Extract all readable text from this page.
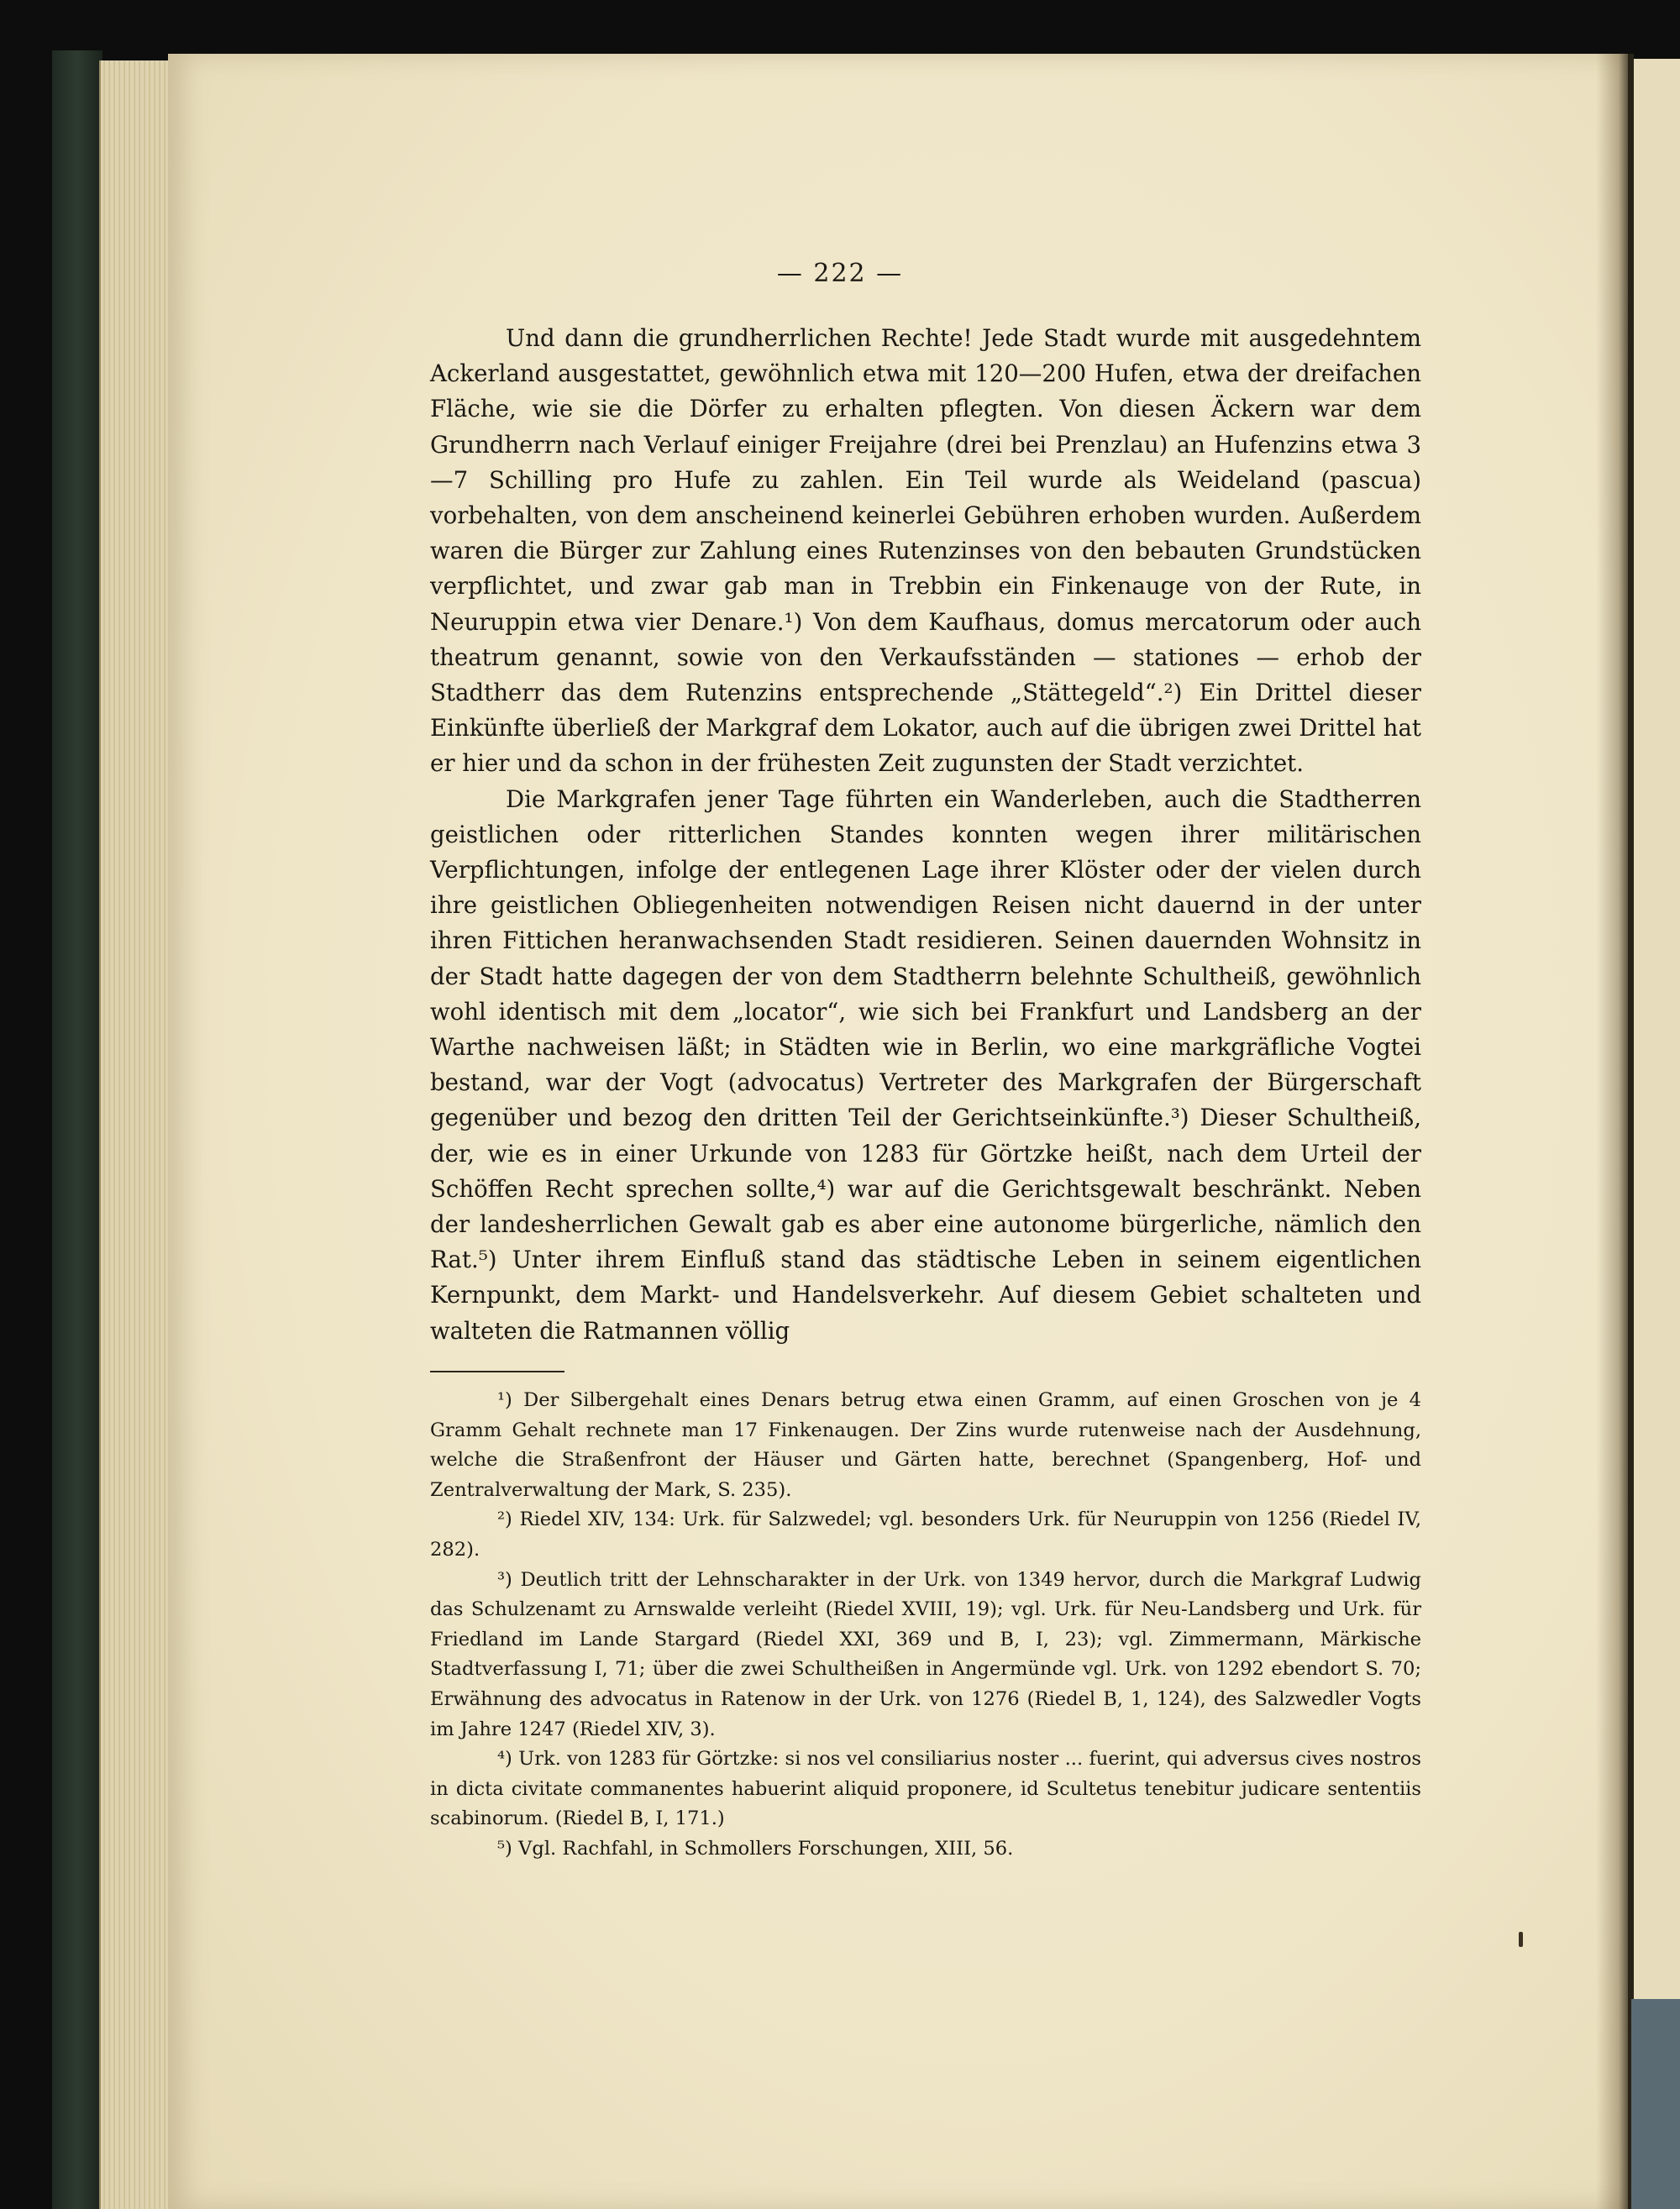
— 222 —

Und dann die grundherrlichen Rechte! Jede Stadt wurde mit ausgedehntem Ackerland ausgestattet, gewöhnlich etwa mit 120—200 Hufen, etwa der dreifachen Fläche, wie sie die Dörfer zu erhalten pflegten. Von diesen Äckern war dem Grundherrn nach Verlauf einiger Freijahre (drei bei Prenzlau) an Hufenzins etwa 3—7 Schilling pro Hufe zu zahlen. Ein Teil wurde als Weideland (pascua) vorbehalten, von dem anscheinend keinerlei Gebühren erhoben wurden. Außerdem waren die Bürger zur Zahlung eines Rutenzinses von den bebauten Grundstücken verpflichtet, und zwar gab man in Trebbin ein Finkenauge von der Rute, in Neuruppin etwa vier Denare.¹) Von dem Kaufhaus, domus mercatorum oder auch theatrum genannt, sowie von den Verkaufsständen — stationes — erhob der Stadtherr das dem Rutenzins entsprechende „Stättegeld“.²) Ein Drittel dieser Einkünfte überließ der Markgraf dem Lokator, auch auf die übrigen zwei Drittel hat er hier und da schon in der frühesten Zeit zugunsten der Stadt verzichtet.

Die Markgrafen jener Tage führten ein Wanderleben, auch die Stadtherren geistlichen oder ritterlichen Standes konnten wegen ihrer militärischen Verpflichtungen, infolge der entlegenen Lage ihrer Klöster oder der vielen durch ihre geistlichen Obliegenheiten notwendigen Reisen nicht dauernd in der unter ihren Fittichen heranwachsenden Stadt residieren. Seinen dauernden Wohnsitz in der Stadt hatte dagegen der von dem Stadtherrn belehnte Schultheiß, gewöhnlich wohl identisch mit dem „locator“, wie sich bei Frankfurt und Landsberg an der Warthe nachweisen läßt; in Städten wie in Berlin, wo eine markgräfliche Vogtei bestand, war der Vogt (advocatus) Vertreter des Markgrafen der Bürgerschaft gegenüber und bezog den dritten Teil der Gerichtseinkünfte.³) Dieser Schultheiß, der, wie es in einer Urkunde von 1283 für Görtzke heißt, nach dem Urteil der Schöffen Recht sprechen sollte,⁴) war auf die Gerichtsgewalt beschränkt. Neben der landesherrlichen Gewalt gab es aber eine autonome bürgerliche, nämlich den Rat.⁵) Unter ihrem Einfluß stand das städtische Leben in seinem eigentlichen Kernpunkt, dem Markt- und Handelsverkehr. Auf diesem Gebiet schalteten und walteten die Ratmannen völlig

¹) Der Silbergehalt eines Denars betrug etwa einen Gramm, auf einen Groschen von je 4 Gramm Gehalt rechnete man 17 Finkenaugen. Der Zins wurde rutenweise nach der Ausdehnung, welche die Straßenfront der Häuser und Gärten hatte, berechnet (Spangenberg, Hof- und Zentralverwaltung der Mark, S. 235).

²) Riedel XIV, 134: Urk. für Salzwedel; vgl. besonders Urk. für Neuruppin von 1256 (Riedel IV, 282).

³) Deutlich tritt der Lehnscharakter in der Urk. von 1349 hervor, durch die Markgraf Ludwig das Schulzenamt zu Arnswalde verleiht (Riedel XVIII, 19); vgl. Urk. für Neu-Landsberg und Urk. für Friedland im Lande Stargard (Riedel XXI, 369 und B, I, 23); vgl. Zimmermann, Märkische Stadtverfassung I, 71; über die zwei Schultheißen in Angermünde vgl. Urk. von 1292 ebendort S. 70; Erwähnung des advocatus in Ratenow in der Urk. von 1276 (Riedel B, 1, 124), des Salzwedler Vogts im Jahre 1247 (Riedel XIV, 3).

⁴) Urk. von 1283 für Görtzke: si nos vel consiliarius noster ... fuerint, qui adversus cives nostros in dicta civitate commanentes habuerint aliquid proponere, id Scultetus tenebitur judicare sententiis scabinorum. (Riedel B, I, 171.)

⁵) Vgl. Rachfahl, in Schmollers Forschungen, XIII, 56.
